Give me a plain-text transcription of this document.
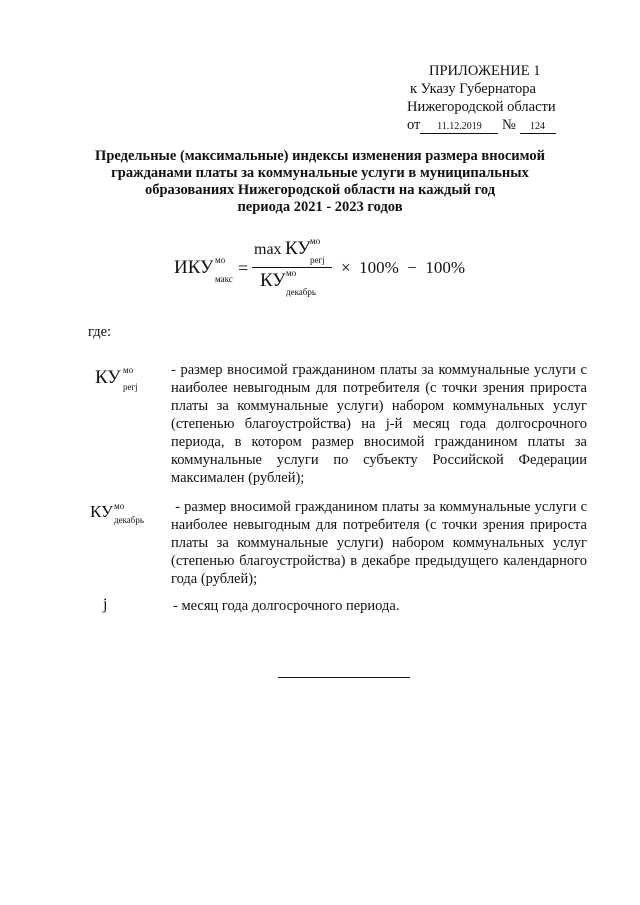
ПРИЛОЖЕНИЕ 1
к Указу Губернатора
Нижегородской области
от 11.12.2019 № 124
Предельные (максимальные) индексы изменения размера вносимой
гражданами платы за коммунальные услуги в муниципальных
образованиях Нижегородской области на каждый год
периода 2021 - 2023 годов
ИКУ мо
макс
=
max КУ мо
регj
КУ мо
декабрь
×  100%  −  100%
где:
КУ мо
регj
- размер вносимой гражданином платы за коммунальные услуги с наиболее невыгодным для потребителя (с точки зрения прироста платы за коммунальные услуги) набором коммунальных услуг (степенью благоустройства) на j-й месяц года долгосрочного периода, в котором размер вносимой гражданином платы за коммунальные услуги по субъекту Российской Федерации максимален (рублей);
КУ мо
декабрь
- размер вносимой гражданином платы за коммунальные услуги с наиболее невыгодным для потребителя (с точки зрения прироста платы за коммунальные услуги) набором коммунальных услуг (степенью благоустройства) в декабре предыдущего календарного года (рублей);
j	- месяц года долгосрочного периода.
